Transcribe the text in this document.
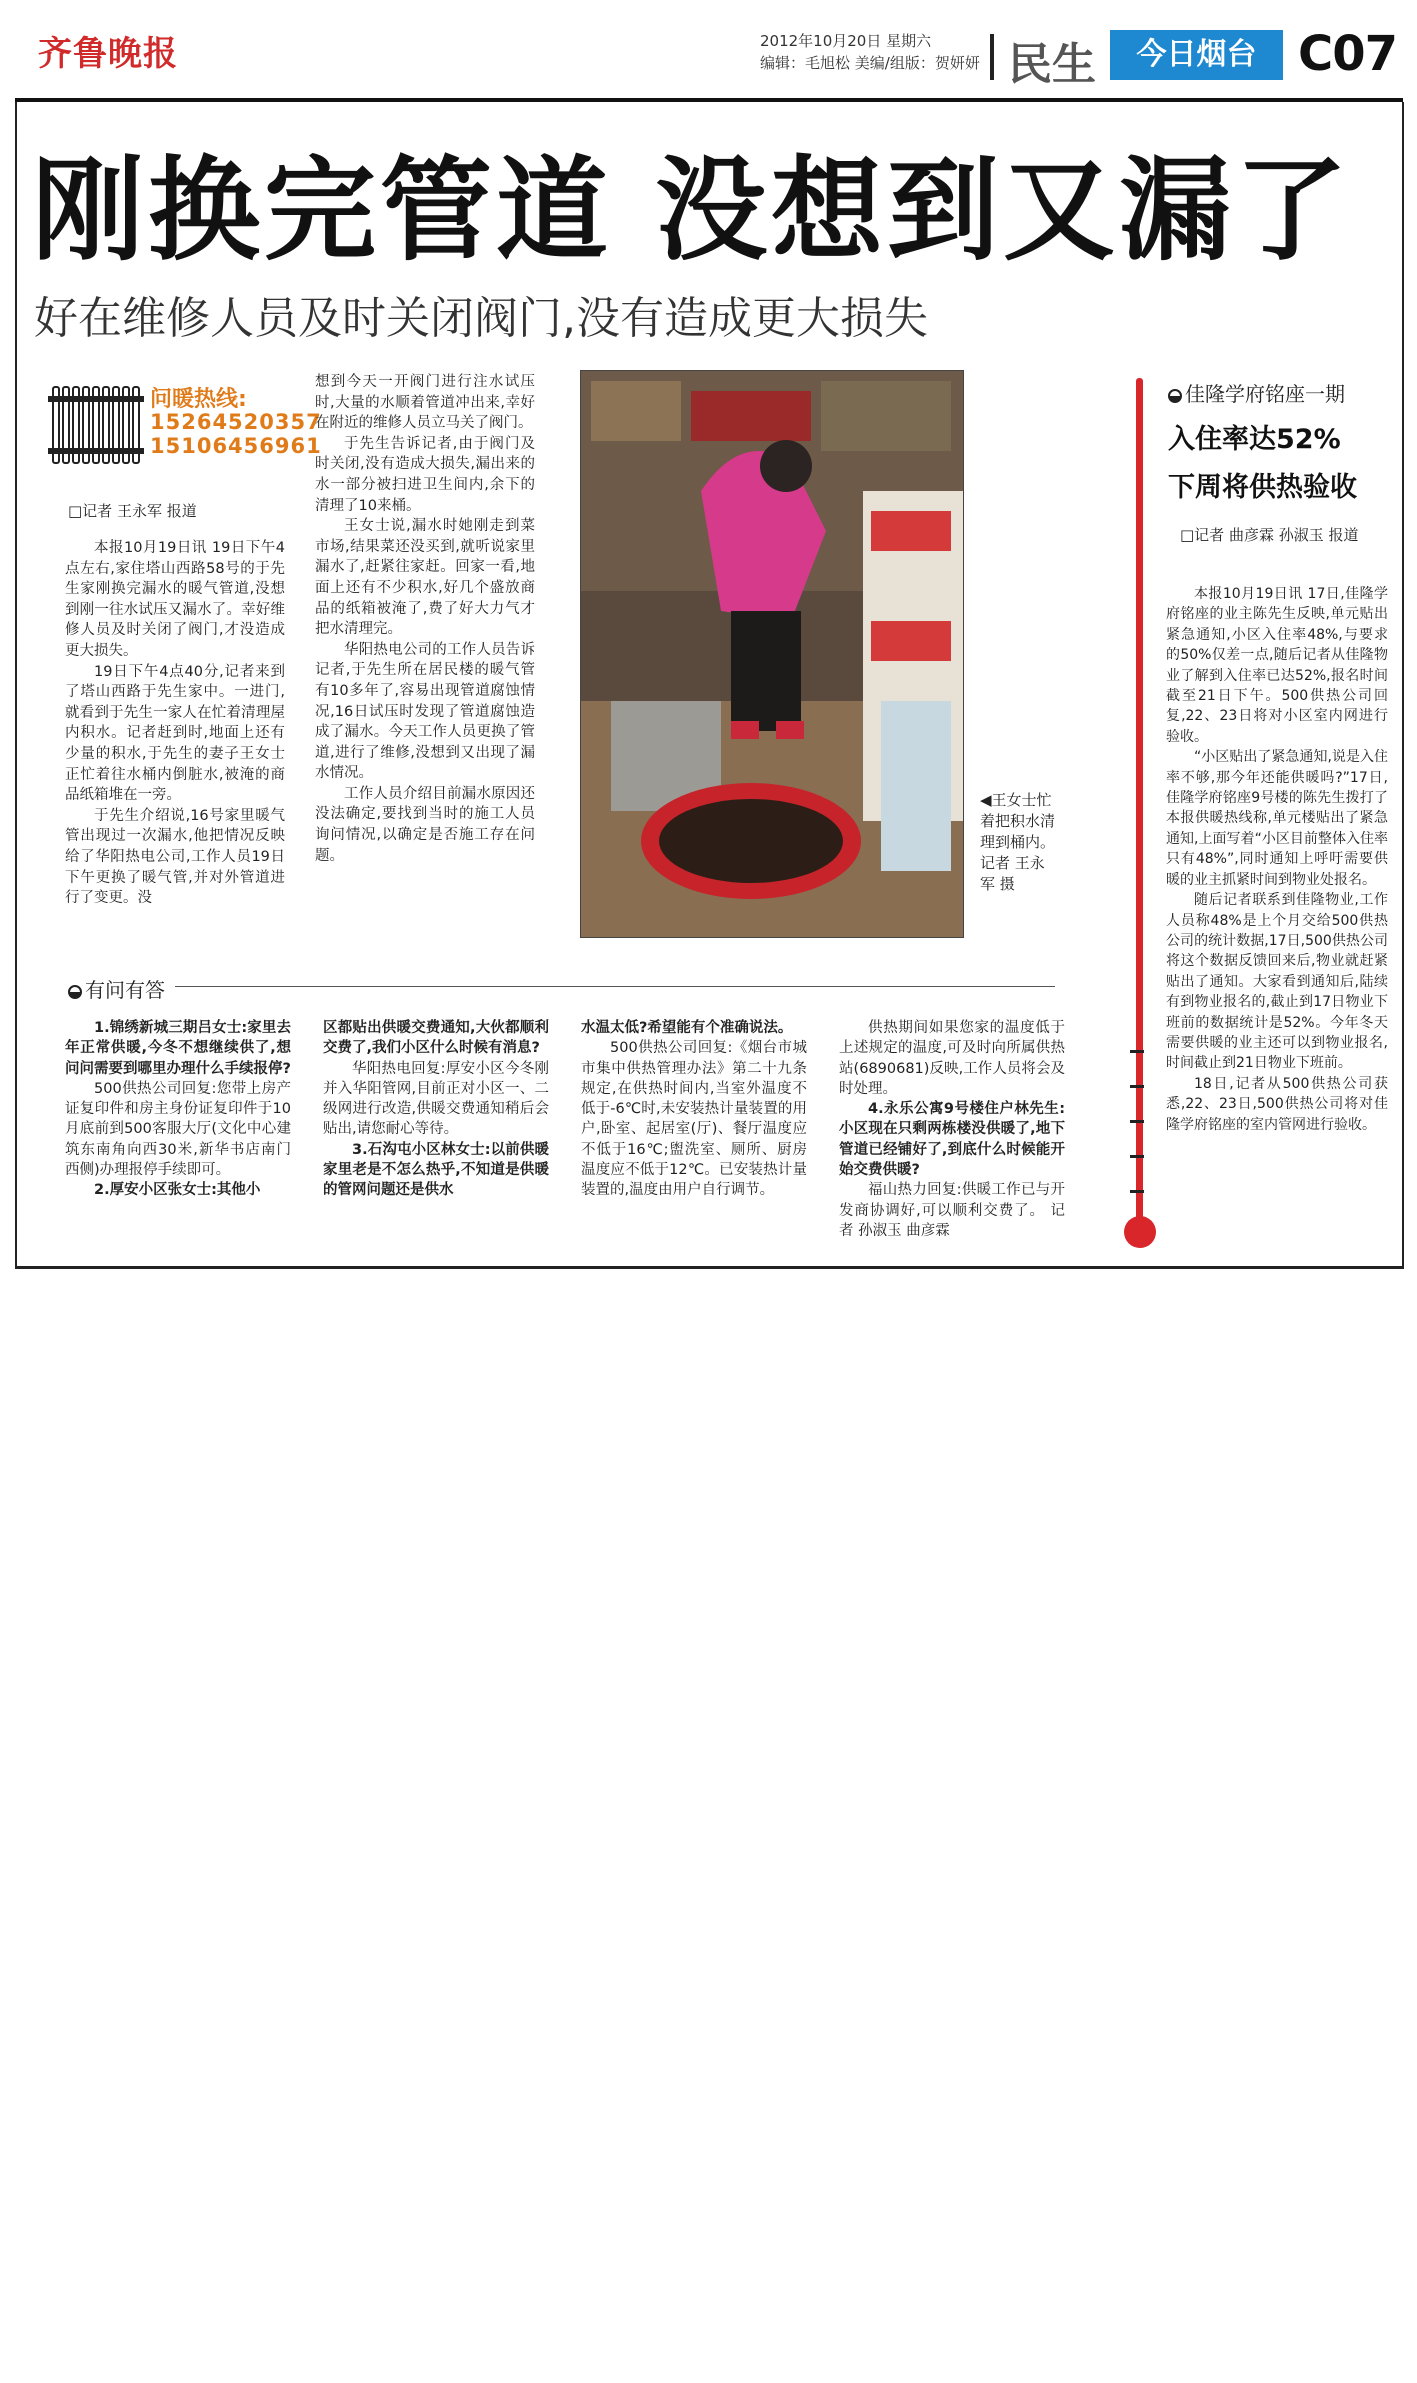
齐鲁晚报	2012年10月20日 星期六
编辑：毛旭松 美编/组版：贺妍妍 民生	今日烟台 C07
刚换完管道 没想到又漏了
好在维修人员及时关闭阀门,没有造成更大损失
问暖热线:
15264520357
15106456961
□记者 王永军 报道

本报10月19日讯 19日下午4点左右,家住塔山西路58号的于先生家刚换完漏水的暖气管道,没想到刚一往水试压又漏水了。幸好维修人员及时关闭了阀门,才没造成更大损失。

19日下午4点40分,记者来到了塔山西路于先生家中。一进门,就看到于先生一家人在忙着清理屋内积水。记者赶到时,地面上还有少量的积水,于先生的妻子王女士正忙着往水桶内倒脏水,被淹的商品纸箱堆在一旁。

于先生介绍说,16号家里暖气管出现过一次漏水,他把情况反映给了华阳热电公司,工作人员19日下午更换了暖气管,并对外管道进行了变更。没

想到今天一开阀门进行注水试压时,大量的水顺着管道冲出来,幸好在附近的维修人员立马关了阀门。

于先生告诉记者,由于阀门及时关闭,没有造成大损失,漏出来的水一部分被扫进卫生间内,余下的清理了10来桶。

王女士说,漏水时她刚走到菜市场,结果菜还没买到,就听说家里漏水了,赶紧往家赶。回家一看,地面上还有不少积水,好几个盛放商品的纸箱被淹了,费了好大力气才把水清理完。

华阳热电公司的工作人员告诉记者,于先生所在居民楼的暖气管有10多年了,容易出现管道腐蚀情况,16日试压时发现了管道腐蚀造成了漏水。今天工作人员更换了管道,进行了维修,没想到又出现了漏水情况。

工作人员介绍目前漏水原因还没法确定,要找到当时的施工人员询问情况,以确定是否施工存在问题。

◀王女士忙着把积水清理到桶内。 记者 王永军 摄
有问有答

1.锦绣新城三期吕女士:家里去年正常供暖,今冬不想继续供了,想问问需要到哪里办理什么手续报停?

500供热公司回复:您带上房产证复印件和房主身份证复印件于10月底前到500客服大厅(文化中心建筑东南角向西30米,新华书店南门西侧)办理报停手续即可。

2.厚安小区张女士:其他小

区都贴出供暖交费通知,大伙都顺利交费了,我们小区什么时候有消息?

华阳热电回复:厚安小区今冬刚并入华阳管网,目前正对小区一、二级网进行改造,供暖交费通知稍后会贴出,请您耐心等待。

3.石沟屯小区林女士:以前供暖家里老是不怎么热乎,不知道是供暖的管网问题还是供水

水温太低?希望能有个准确说法。

500供热公司回复:《烟台市城市集中供热管理办法》第二十九条规定,在供热时间内,当室外温度不低于-6℃时,未安装热计量装置的用户,卧室、起居室(厅)、餐厅温度应不低于16℃;盥洗室、厕所、厨房温度应不低于12℃。已安装热计量装置的,温度由用户自行调节。

供热期间如果您家的温度低于上述规定的温度,可及时向所属供热站(6890681)反映,工作人员将会及时处理。

4.永乐公寓9号楼住户林先生:小区现在只剩两栋楼没供暖了,地下管道已经铺好了,到底什么时候能开始交费供暖?

福山热力回复:供暖工作已与开发商协调好,可以顺利交费了。 记者 孙淑玉 曲彦霖

佳隆学府铭座一期
入住率达52%
下周将供热验收
□记者 曲彦霖 孙淑玉 报道

本报10月19日讯 17日,佳隆学府铭座的业主陈先生反映,单元贴出紧急通知,小区入住率48%,与要求的50%仅差一点,随后记者从佳隆物业了解到入住率已达52%,报名时间截至21日下午。500供热公司回复,22、23日将对小区室内网进行验收。

“小区贴出了紧急通知,说是入住率不够,那今年还能供暖吗?”17日,佳隆学府铭座9号楼的陈先生拨打了本报供暖热线称,单元楼贴出了紧急通知,上面写着“小区目前整体入住率只有48%”,同时通知上呼吁需要供暖的业主抓紧时间到物业处报名。

随后记者联系到佳隆物业,工作人员称48%是上个月交给500供热公司的统计数据,17日,500供热公司将这个数据反馈回来后,物业就赶紧贴出了通知。大家看到通知后,陆续有到物业报名的,截止到17日物业下班前的数据统计是52%。今年冬天需要供暖的业主还可以到物业报名,时间截止到21日物业下班前。

18日,记者从500供热公司获悉,22、23日,500供热公司将对佳隆学府铭座的室内管网进行验收。
